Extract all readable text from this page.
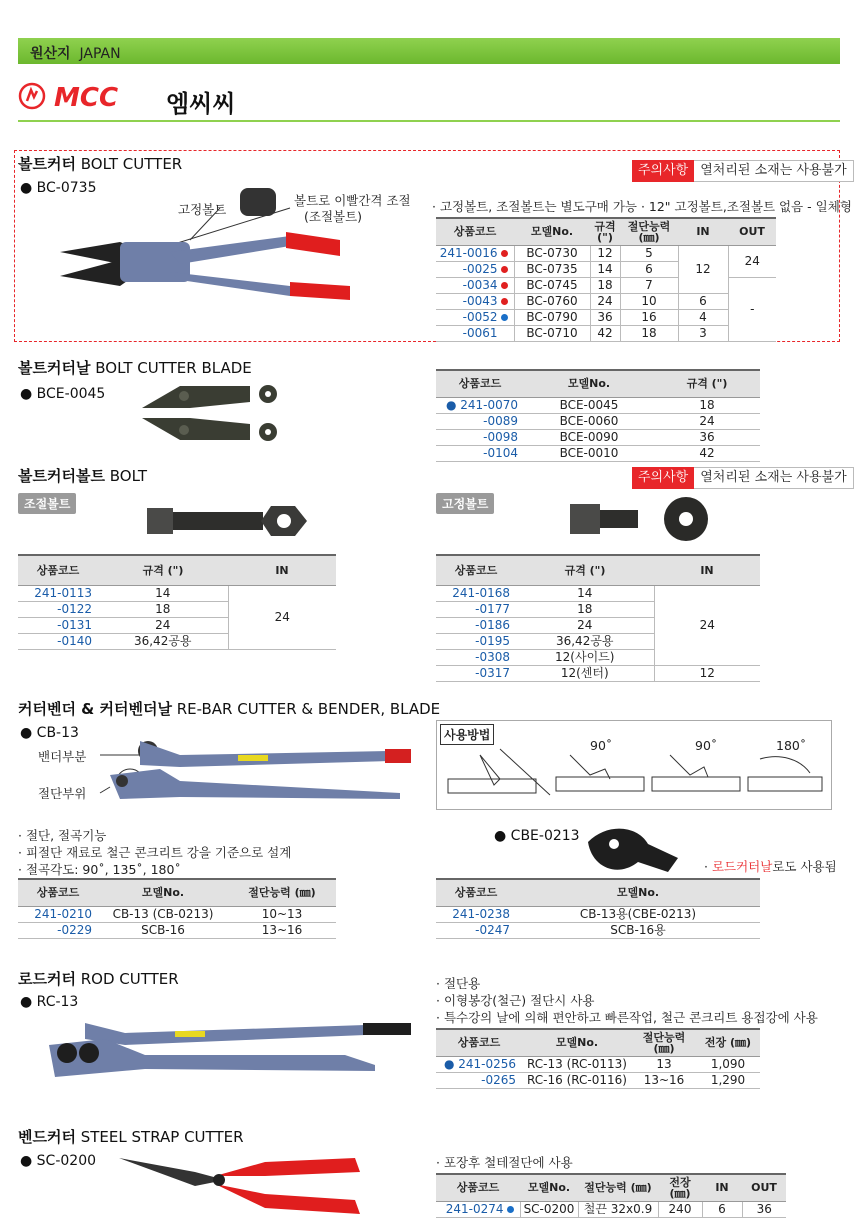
원산지 JAPAN
MCC 엠씨씨
볼트커터 BOLT CUTTER
● BC-0735
주의사항 열처리된 소재는 사용불가
고정볼트
볼트로 이빨간격 조절
(조절볼트)
· 고정볼트, 조절볼트는 별도구매 가능 · 12" 고정볼트,조절볼트 없음 - 일체형
상품코드	모델No.	규격 (")	절단능력 (㎜)	IN	OUT
241-0016	BC-0730	12	5	12	24
-0025	BC-0735	14	6		
-0034	BC-0745	18	7		-
-0043	BC-0760	24	10	6	
-0052	BC-0790	36	16	4	
-0061	BC-0710	42	18	3	
볼트커터날 BOLT CUTTER BLADE
● BCE-0045
상품코드	모델No.	규격 (")
● 241-0070	BCE-0045	18
-0089	BCE-0060	24
-0098	BCE-0090	36
-0104	BCE-0010	42
볼트커터볼트 BOLT	주의사항 열처리된 소재는 사용불가
조절볼트	고정볼트
상품코드	규격 (")	IN
241-0113	14	24
-0122	18	
-0131	24	
-0140	36,42공용	
상품코드	규격 (")	IN
241-0168	14	24
-0177	18	
-0186	24	
-0195	36,42공용	
-0308	12(사이드)	
-0317	12(센터)	12
커터벤더 & 커터벤더날 RE-BAR CUTTER & BENDER, BLADE
● CB-13
밴더부분
절단부위
사용방법
90˚	90˚	180˚
· 절단, 절곡기능
· 피절단 재료로 철근 콘크리트 강을 기준으로 설계
· 절곡각도: 90˚, 135˚, 180˚
● CBE-0213
· 로드커터날로도 사용됨
상품코드	모델No.	절단능력 (㎜)
241-0210	CB-13 (CB-0213)	10~13
-0229	SCB-16	13~16
상품코드	모델No.
241-0238	CB-13용(CBE-0213)
-0247	SCB-16용
로드커터 ROD CUTTER
● RC-13
· 절단용
· 이형봉강(철근) 절단시 사용
· 특수강의 날에 의해 편안하고 빠른작업, 철근 콘크리트 용접강에 사용
상품코드	모델No.	절단능력 (㎜)	전장 (㎜)
● 241-0256	RC-13 (RC-0113)	13	1,090
-0265	RC-16 (RC-0116)	13~16	1,290
벤드커터 STEEL STRAP CUTTER
● SC-0200	· 포장후 철테절단에 사용
상품코드	모델No.	절단능력 (㎜)	전장 (㎜)	IN	OUT
241-0274	SC-0200	철끈 32x0.9	240	6	36
